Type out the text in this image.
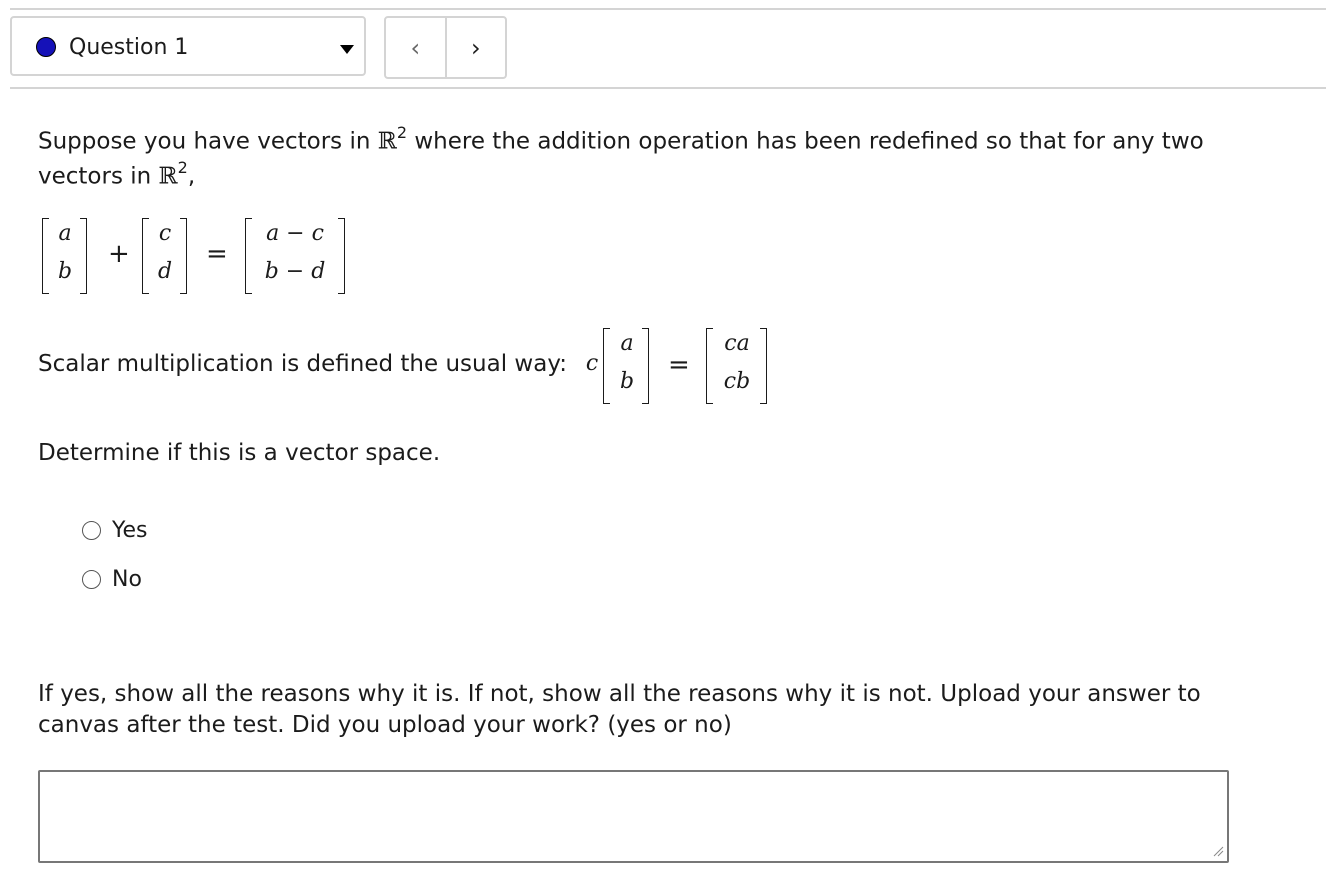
Question 1	‹ ›
Suppose you have vectors in ℝ$^2$ where the addition operation has been redefined so that for any two
vectors in ℝ$^2$,
a
b
+
c
d
=
a − c
b − d
Scalar multiplication is defined the usual way: c
a
b
=
ca
cb
Determine if this is a vector space.
Yes
No
If yes, show all the reasons why it is. If not, show all the reasons why it is not. Upload your answer to
canvas after the test. Did you upload your work? (yes or no)
